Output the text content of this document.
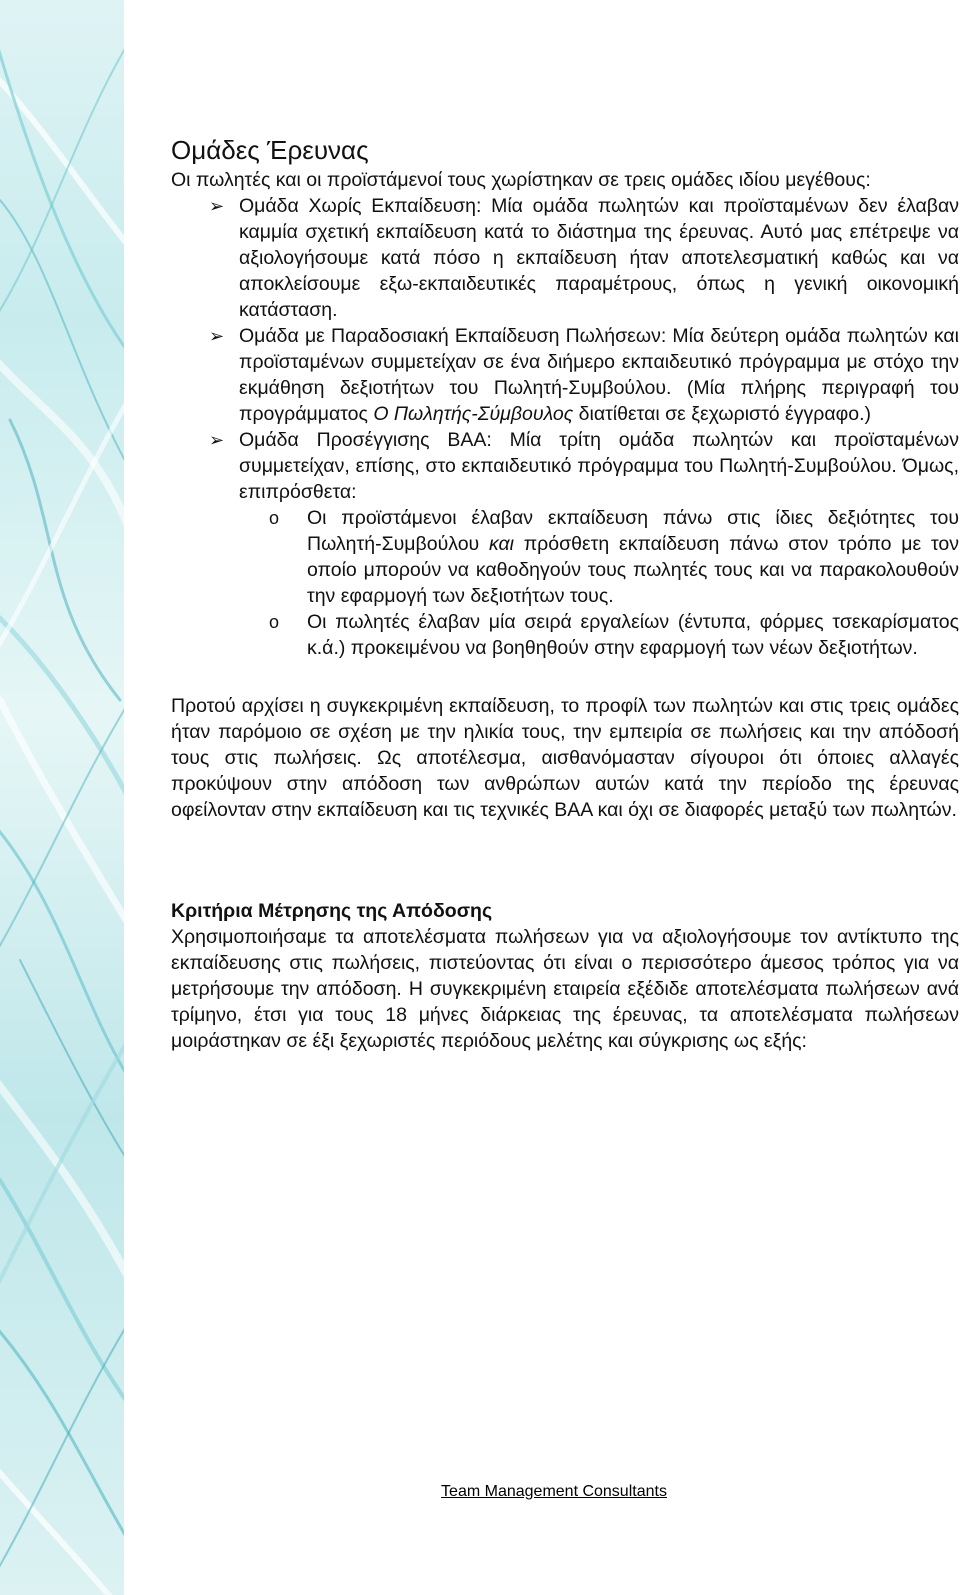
Ομάδες Έρευνας

Οι πωλητές και οι προϊστάμενοί τους χωρίστηκαν σε τρεις ομάδες ιδίου μεγέθους:

➢ Ομάδα Χωρίς Εκπαίδευση: Μία ομάδα πωλητών και προϊσταμένων δεν έλαβαν καμμία σχετική εκπαίδευση κατά το διάστημα της έρευνας. Αυτό μας επέτρεψε να αξιολογήσουμε κατά πόσο η εκπαίδευση ήταν αποτελεσματική καθώς και να αποκλείσουμε εξω-εκπαιδευτικές παραμέτρους, όπως η γενική οικονομική κατάσταση.
➢ Ομάδα με Παραδοσιακή Εκπαίδευση Πωλήσεων: Μία δεύτερη ομάδα πωλητών και προϊσταμένων συμμετείχαν σε ένα διήμερο εκπαιδευτικό πρόγραμμα με στόχο την εκμάθηση δεξιοτήτων του Πωλητή-Συμβούλου. (Μία πλήρης περιγραφή του προγράμματος Ο Πωλητής-Σύμβουλος διατίθεται σε ξεχωριστό έγγραφο.)
➢ Ομάδα Προσέγγισης ΒΑΑ: Μία τρίτη ομάδα πωλητών και προϊσταμένων συμμετείχαν, επίσης, στο εκπαιδευτικό πρόγραμμα του Πωλητή-Συμβούλου. Όμως, επιπρόσθετα:
o Οι προϊστάμενοι έλαβαν εκπαίδευση πάνω στις ίδιες δεξιότητες του Πωλητή-Συμβούλου και πρόσθετη εκπαίδευση πάνω στον τρόπο με τον οποίο μπορούν να καθοδηγούν τους πωλητές τους και να παρακολουθούν την εφαρμογή των δεξιοτήτων τους.
o Οι πωλητές έλαβαν μία σειρά εργαλείων (έντυπα, φόρμες τσεκαρίσματος κ.ά.) προκειμένου να βοηθηθούν στην εφαρμογή των νέων δεξιοτήτων.

Προτού αρχίσει η συγκεκριμένη εκπαίδευση, το προφίλ των πωλητών και στις τρεις ομάδες ήταν παρόμοιο σε σχέση με την ηλικία τους, την εμπειρία σε πωλήσεις και την απόδοσή τους στις πωλήσεις. Ως αποτέλεσμα, αισθανόμασταν σίγουροι ότι όποιες αλλαγές προκύψουν στην απόδοση των ανθρώπων αυτών κατά την περίοδο της έρευνας οφείλονταν στην εκπαίδευση και τις τεχνικές ΒΑΑ και όχι σε διαφορές μεταξύ των πωλητών.

Κριτήρια Μέτρησης της Απόδοσης

Χρησιμοποιήσαμε τα αποτελέσματα πωλήσεων για να αξιολογήσουμε τον αντίκτυπο της εκπαίδευσης στις πωλήσεις, πιστεύοντας ότι είναι ο περισσότερο άμεσος τρόπος για να μετρήσουμε την απόδοση. Η συγκεκριμένη εταιρεία εξέδιδε αποτελέσματα πωλήσεων ανά τρίμηνο, έτσι για τους 18 μήνες διάρκειας της έρευνας, τα αποτελέσματα πωλήσεων μοιράστηκαν σε έξι ξεχωριστές περιόδους μελέτης και σύγκρισης ως εξής:

Team Management Consultants
